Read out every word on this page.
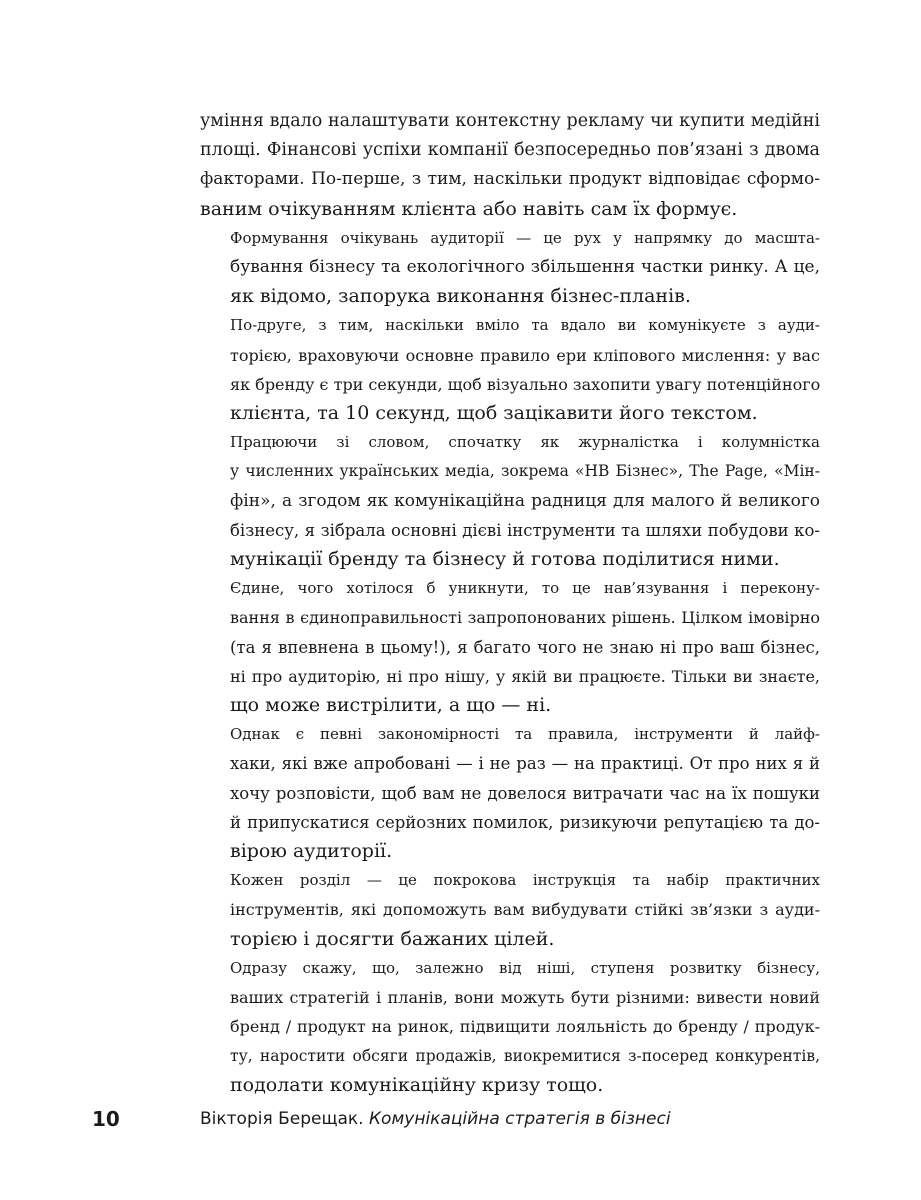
уміння вдало налаштувати контекстну рекламу чи купити медійні
площі. Фінансові успіхи компанії безпосередньо пов’язані з двома
факторами. По-перше, з тим, наскільки продукт відповідає сформо-
ваним очікуванням клієнта або навіть сам їх формує.

Формування очікувань аудиторії — це рух у напрямку до масшта-
бування бізнесу та екологічного збільшення частки ринку. А це,
як відомо, запорука виконання бізнес-планів.

По-друге, з тим, наскільки вміло та вдало ви комунікуєте з ауди-
торією, враховуючи основне правило ери кліпового мислення: у вас
як бренду є три секунди, щоб візуально захопити увагу потенційного
клієнта, та 10 секунд, щоб зацікавити його текстом.

Працюючи зі словом, спочатку як журналістка і колумністка
у численних українських медіа, зокрема «НВ Бізнес», The Page, «Мін-
фін», а згодом як комунікаційна радниця для малого й великого
бізнесу, я зібрала основні дієві інструменти та шляхи побудови ко-
мунікації бренду та бізнесу й готова поділитися ними.

Єдине, чого хотілося б уникнути, то це нав’язування і перекону-
вання в єдиноправильності запропонованих рішень. Цілком імовірно
(та я впевнена в цьому!), я багато чого не знаю ні про ваш бізнес,
ні про аудиторію, ні про нішу, у якій ви працюєте. Тільки ви знаєте,
що може вистрілити, а що — ні.

Однак є певні закономірності та правила, інструменти й лайф-
хаки, які вже апробовані — і не раз — на практиці. От про них я й
хочу розповісти, щоб вам не довелося витрачати час на їх пошуки
й припускатися серйозних помилок, ризикуючи репутацією та до-
вірою аудиторії.

Кожен розділ — це покрокова інструкція та набір практичних
інструментів, які допоможуть вам вибудувати стійкі зв’язки з ауди-
торією і досягти бажаних цілей.

Одразу скажу, що, залежно від ніші, ступеня розвитку бізнесу,
ваших стратегій і планів, вони можуть бути різними: вивести новий
бренд / продукт на ринок, підвищити лояльність до бренду / продук-
ту, наростити обсяги продажів, виокремитися з-посеред конкурентів,
подолати комунікаційну кризу тощо.

10	Вікторія Берещак. Комунікаційна стратегія в бізнесі
